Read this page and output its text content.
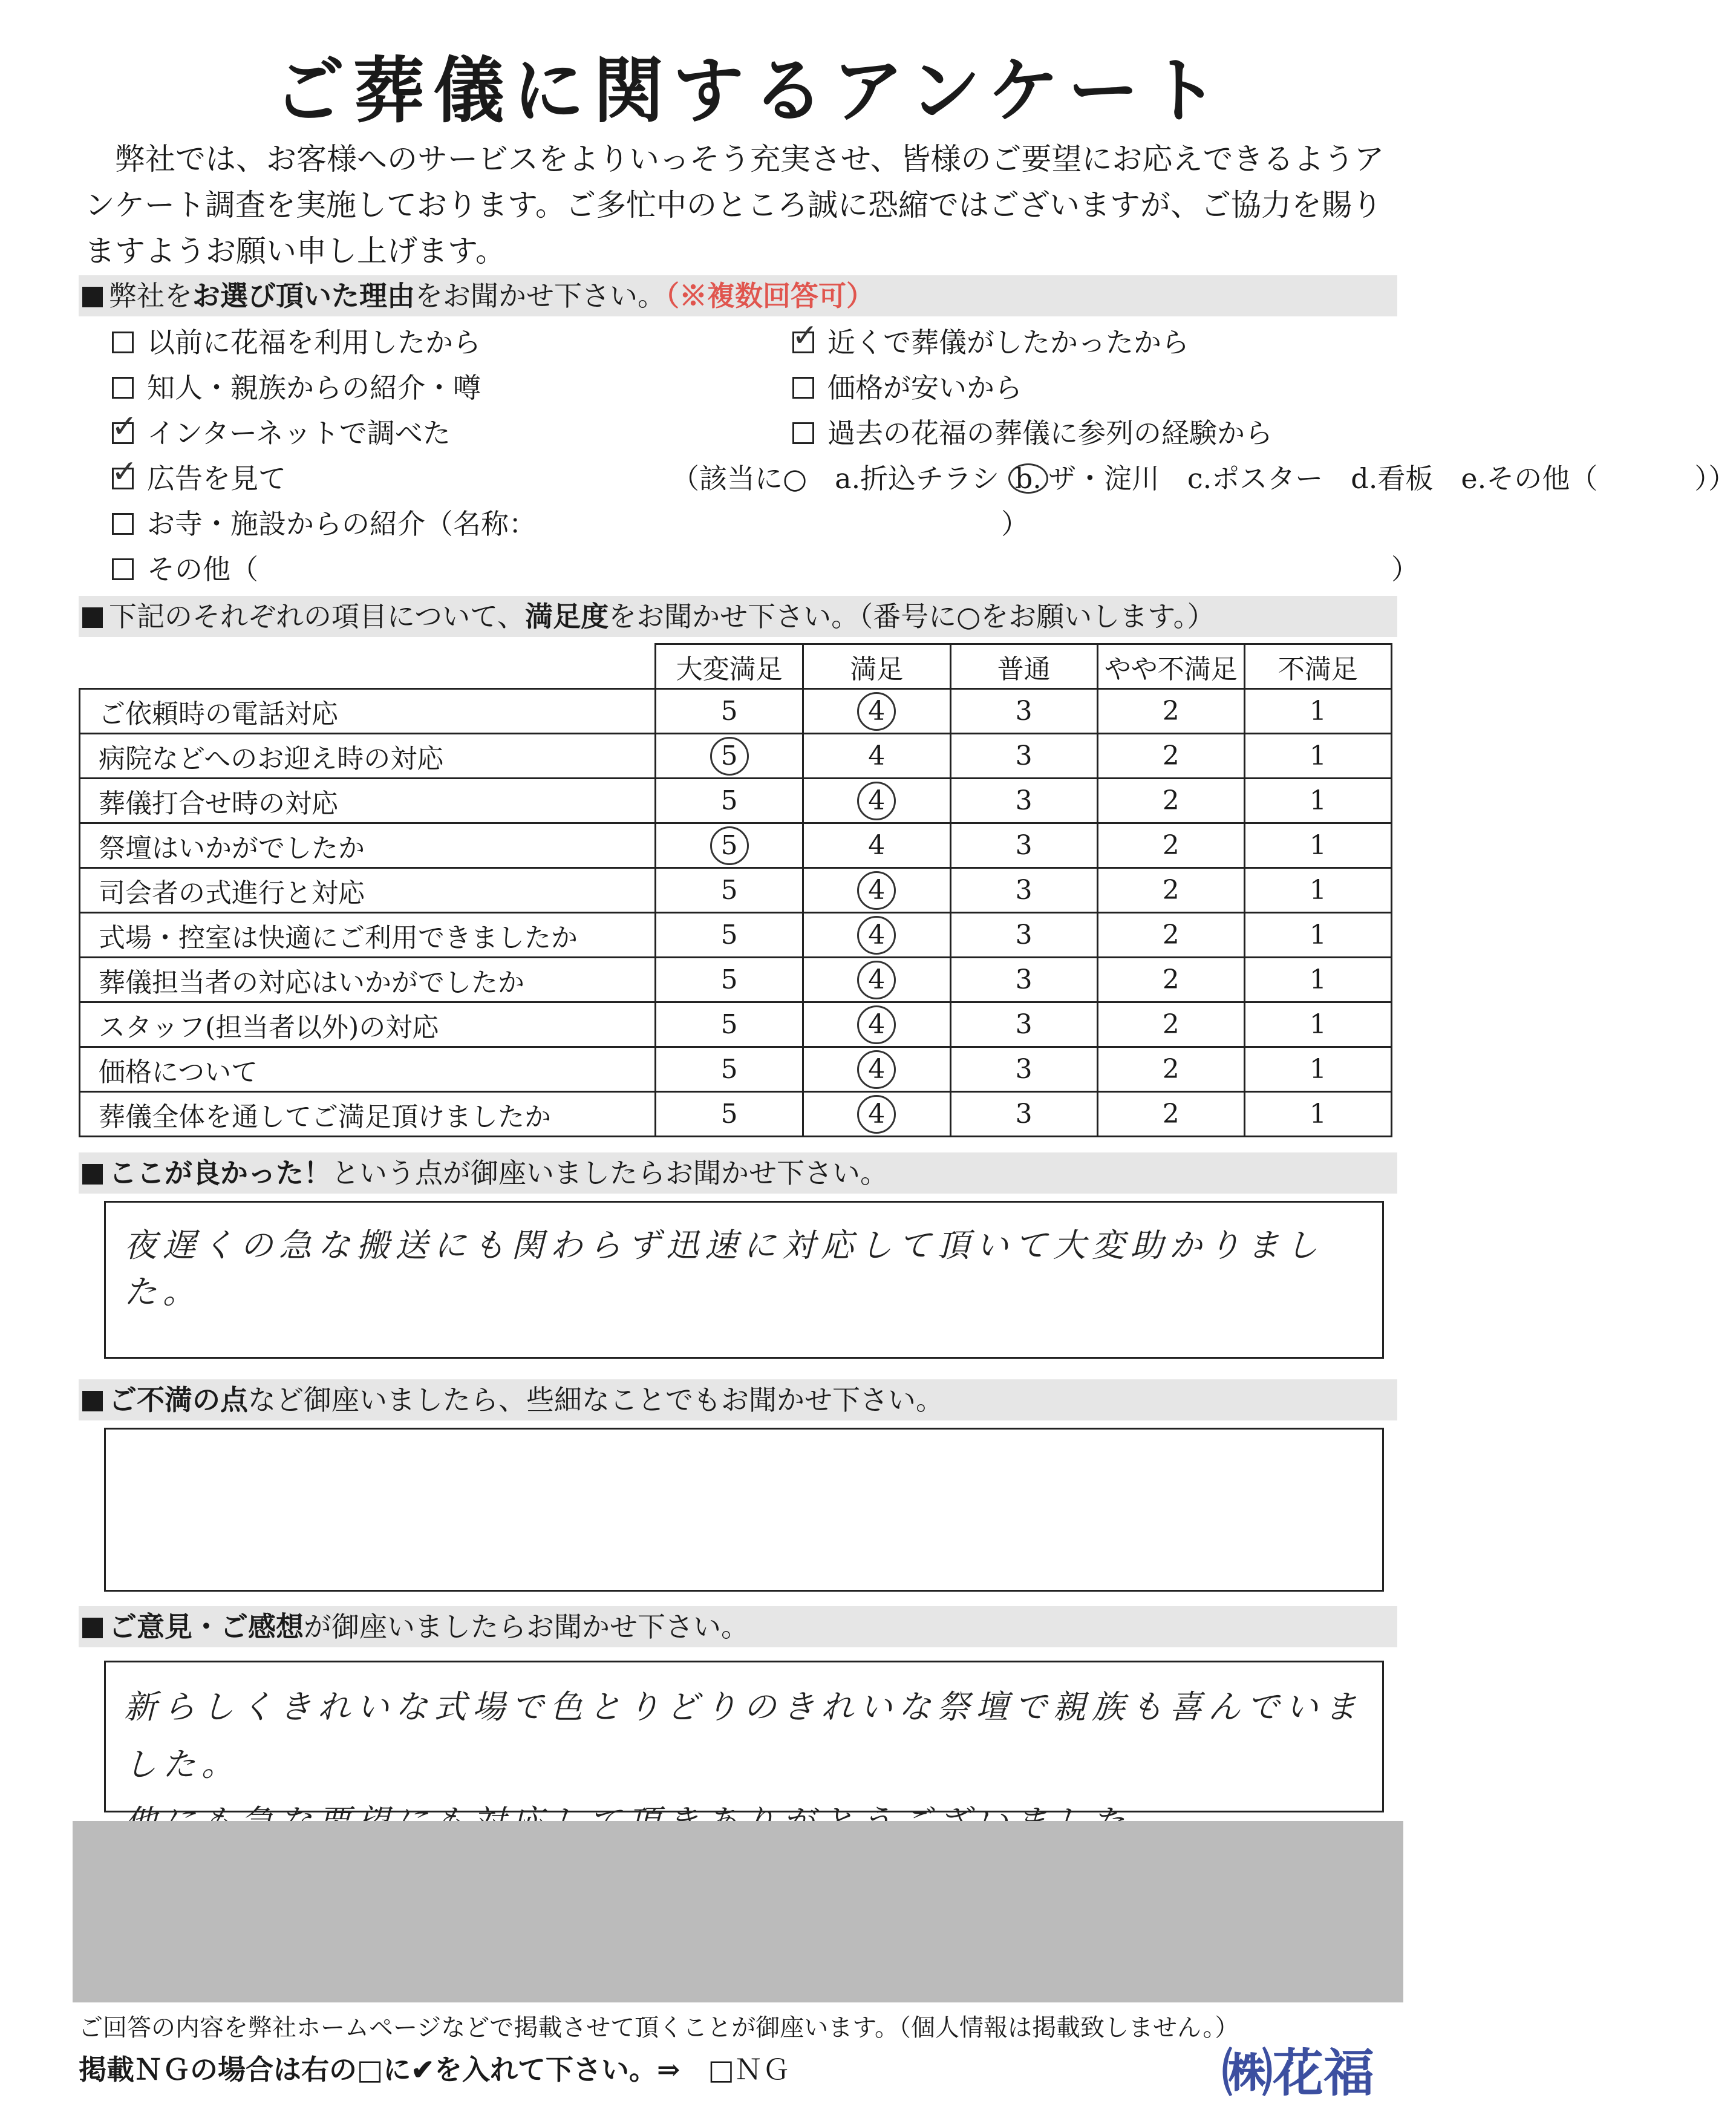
ご葬儀に関するアンケート
弊社では、お客様へのサービスをよりいっそう充実させ、皆様のご要望にお応えできるようアンケート調査を実施しております。ご多忙中のところ誠に恐縮ではございますが、ご協力を賜りますようお願い申し上げます。
弊社をお選び頂いた理由をお聞かせ下さい。（※複数回答可）
以前に花福を利用したから
知人・親族からの紹介・噂
✓インターネットで調べた
✓広告を見て
お寺・施設からの紹介（名称：
その他（
✓近くで葬儀がしたかったから
価格が安いから
過去の花福の葬儀に参列の経験から
（該当に○　a.折込チラシ b. ザ・淀川　c.ポスター　d.看板　e.その他（	））
）
）
下記のそれぞれの項目について、満足度をお聞かせ下さい。（番号に○をお願いします。）
	大変満足	満足	普通	やや不満足	不満足
ご依頼時の電話対応	5	4	3	2	1
病院などへのお迎え時の対応	5	4	3	2	1
葬儀打合せ時の対応	5	4	3	2	1
祭壇はいかがでしたか	5	4	3	2	1
司会者の式進行と対応	5	4	3	2	1
式場・控室は快適にご利用できましたか	5	4	3	2	1
葬儀担当者の対応はいかがでしたか	5	4	3	2	1
スタッフ(担当者以外)の対応	5	4	3	2	1
価格について	5	4	3	2	1
葬儀全体を通してご満足頂けましたか	5	4	3	2	1
ここが良かった！という点が御座いましたらお聞かせ下さい。
夜遅くの急な搬送にも関わらず迅速に対応して頂いて大変助かりました。
ご不満の点など御座いましたら、些細なことでもお聞かせ下さい。
ご意見・ご感想が御座いましたらお聞かせ下さい。
新らしくきれいな式場で色とりどりのきれいな祭壇で親族も喜んでいました。
ご回答の内容を弊社ホームページなどで掲載させて頂くことが御座います。（個人情報は掲載致しません。）
掲載ＮＧの場合は右の□に✔を入れて下さい。⇒　 □ＮＧ	㈱花福
